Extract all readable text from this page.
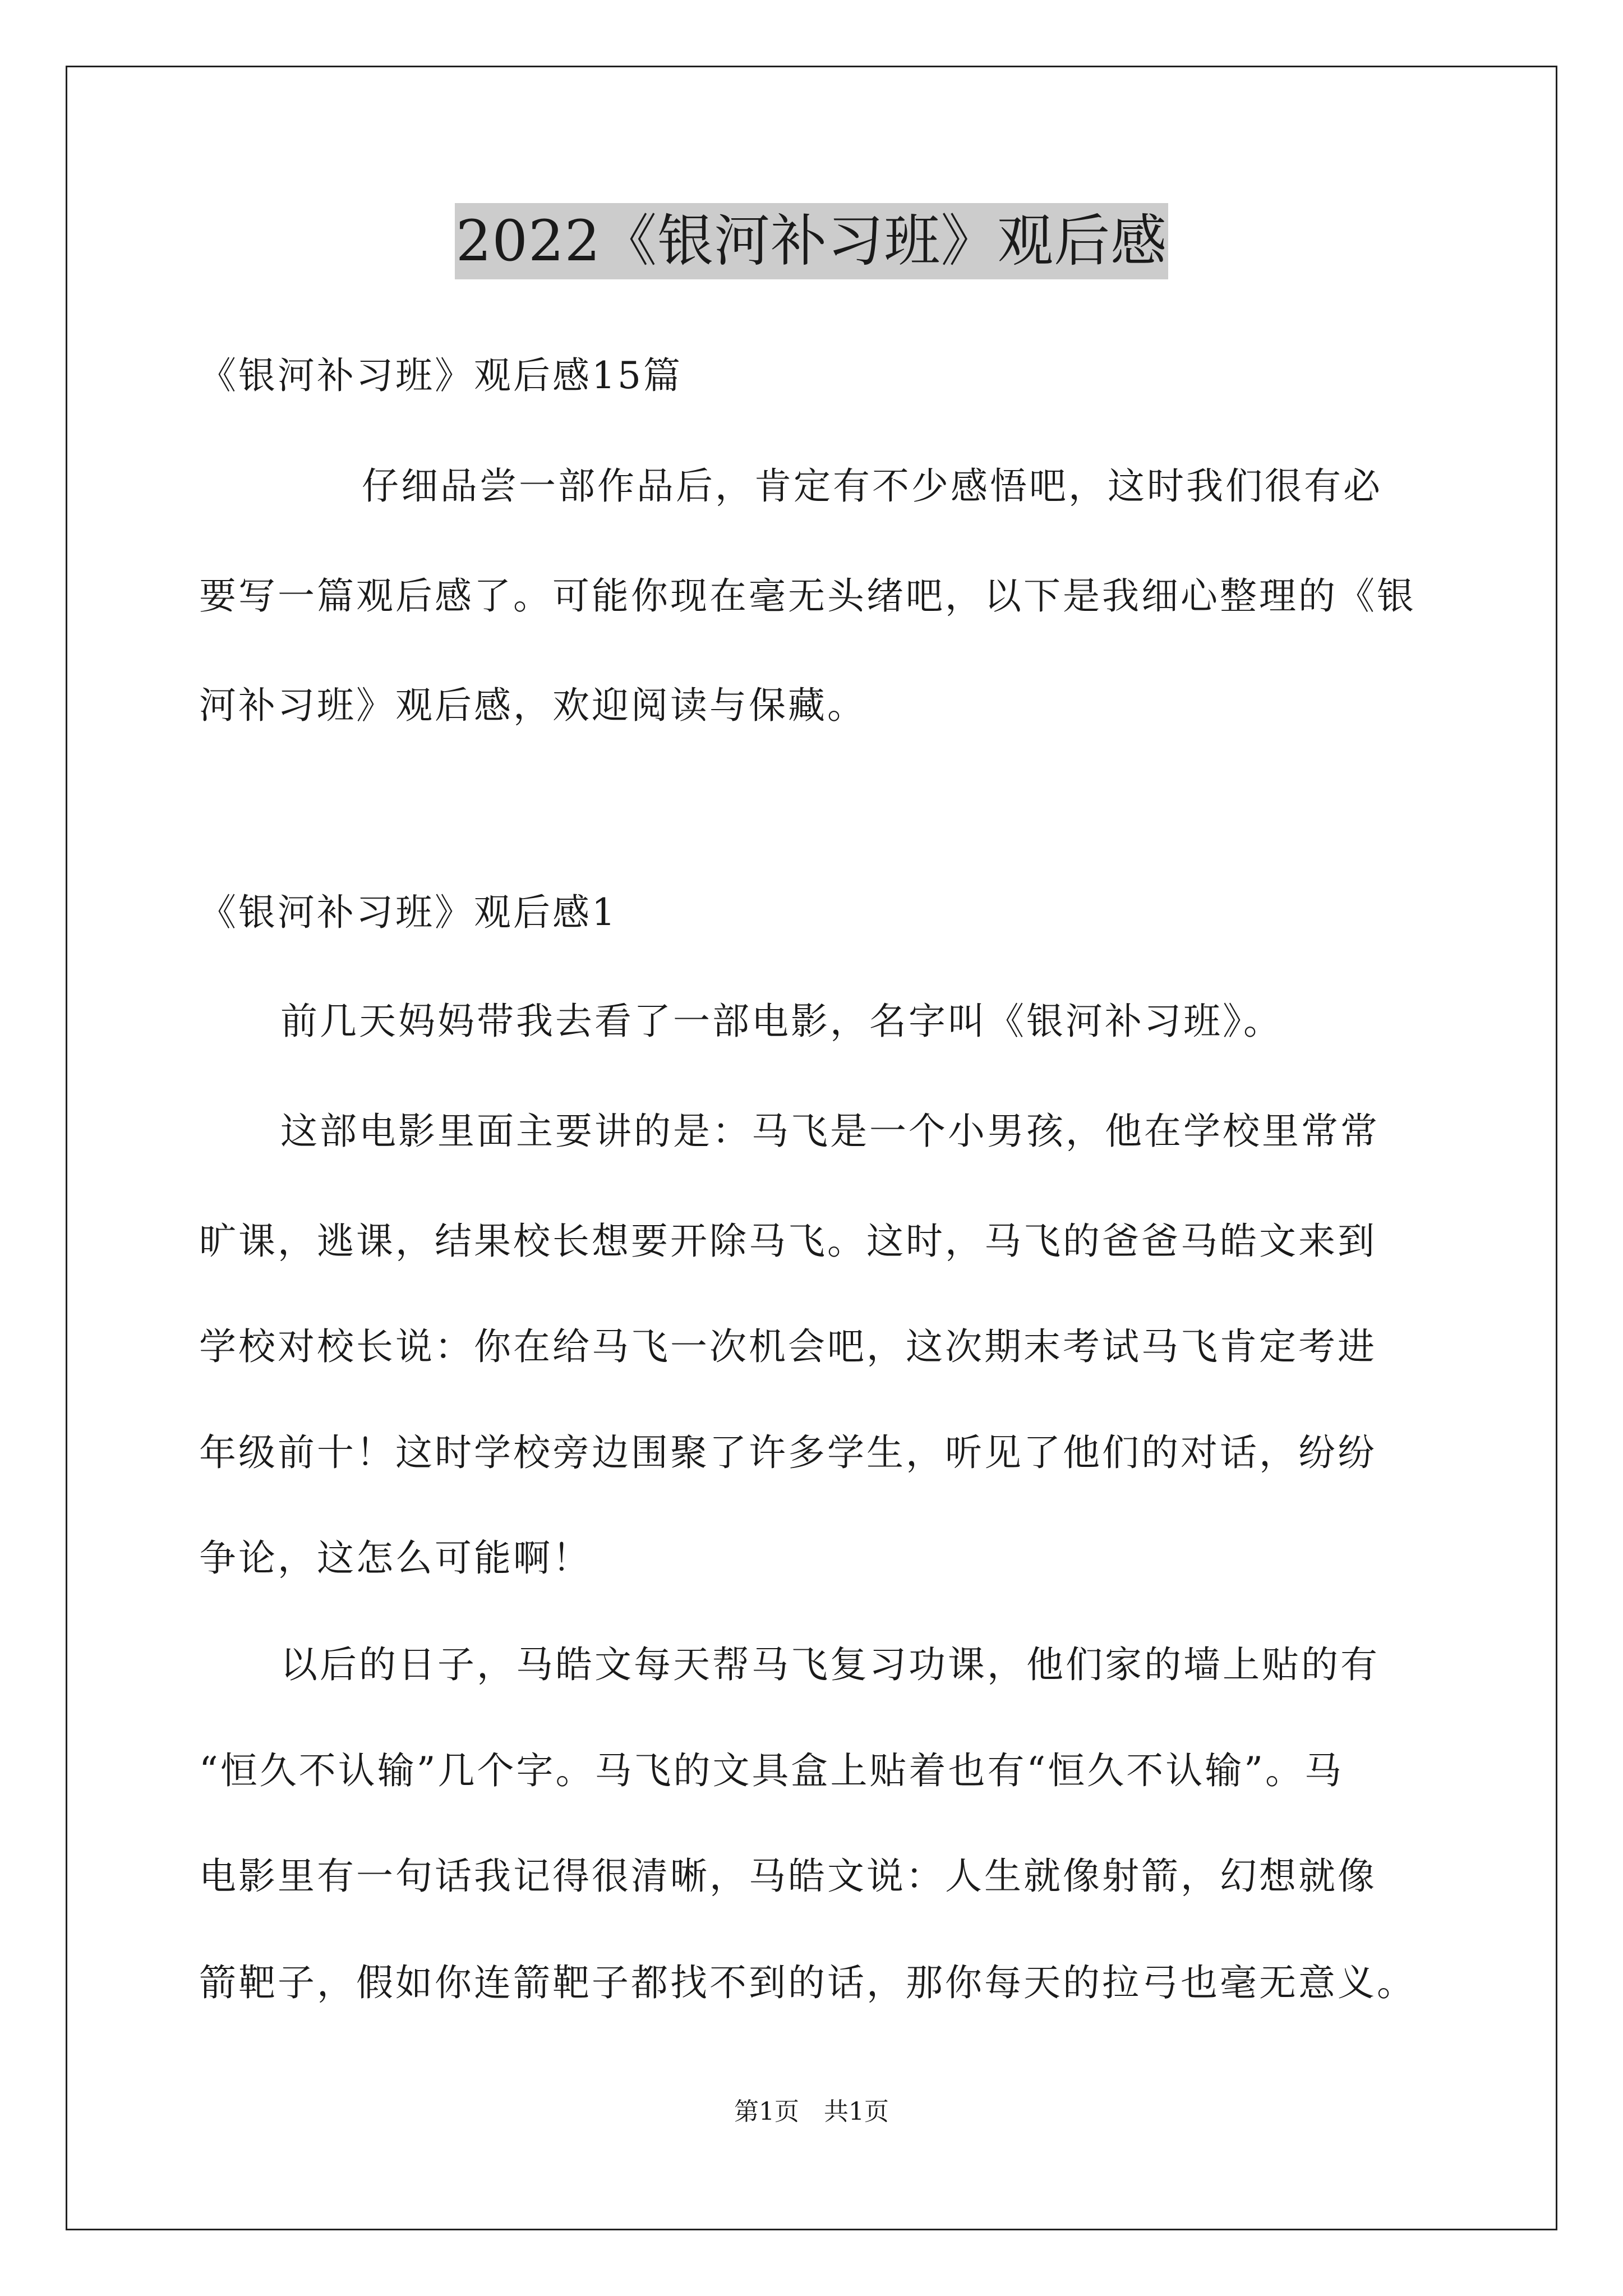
2022《银河补习班》观后感
《银河补习班》观后感15篇
仔细品尝一部作品后，肯定有不少感悟吧，这时我们很有必
要写一篇观后感了。可能你现在毫无头绪吧，以下是我细心整理的《银
河补习班》观后感，欢迎阅读与保藏。
《银河补习班》观后感1
前几天妈妈带我去看了一部电影，名字叫《银河补习班》。
这部电影里面主要讲的是：马飞是一个小男孩，他在学校里常常
旷课，逃课，结果校长想要开除马飞。这时，马飞的爸爸马皓文来到
学校对校长说：你在给马飞一次机会吧，这次期末考试马飞肯定考进
年级前十！这时学校旁边围聚了许多学生，听见了他们的对话，纷纷
争论，这怎么可能啊！
以后的日子，马皓文每天帮马飞复习功课，他们家的墙上贴的有
“恒久不认输”几个字。马飞的文具盒上贴着也有“恒久不认输”。马
电影里有一句话我记得很清晰，马皓文说：人生就像射箭，幻想就像
箭靶子，假如你连箭靶子都找不到的话，那你每天的拉弓也毫无意义。
第1页　共1页
